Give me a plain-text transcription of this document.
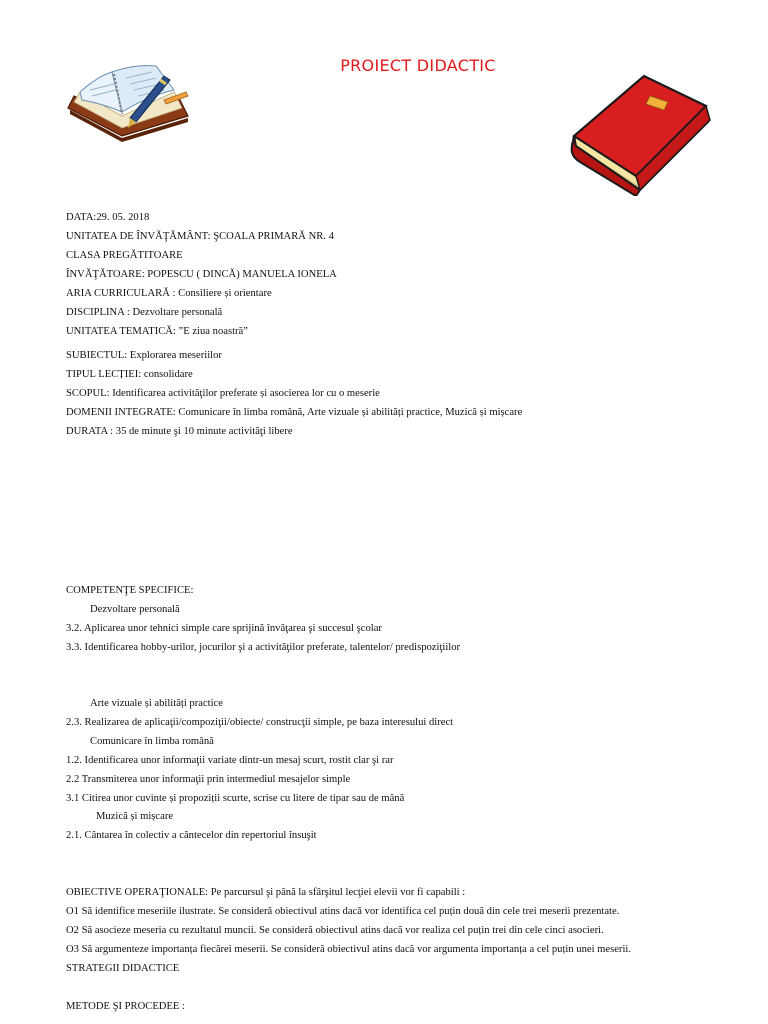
PROIECT DIDACTIC
DATA:29. 05. 2018
UNITATEA DE ÎNVĂŢĂMÂNT: ŞCOALA PRIMARĂ NR. 4
CLASA PREGĂTITOARE
ÎNVĂŢĂTOARE: POPESCU ( DINCĂ) MANUELA IONELA
ARIA CURRICULARĂ : Consiliere și orientare
DISCIPLINA : Dezvoltare personală
UNITATEA TEMATICĂ: ”E ziua noastră”
SUBIECTUL: Explorarea meseriilor
TIPUL LECȚIEI: consolidare
SCOPUL: Identificarea activităţilor preferate și asocierea lor cu o meserie
DOMENII INTEGRATE: Comunicare în limba română, Arte vizuale și abilități practice, Muzică și mișcare
DURATA : 35 de minute şi 10 minute activităţi libere
COMPETENŢE SPECIFICE:
Dezvoltare personală
3.2. Aplicarea unor tehnici simple care sprijină învăţarea şi succesul şcolar
3.3. Identificarea hobby-urilor, jocurilor şi a activităţilor preferate, talentelor/ predispoziţiilor
Arte vizuale și abilități practice
2.3. Realizarea de aplicaţii/compoziţii/obiecte/ construcţii simple, pe baza interesului direct
Comunicare în limba română
1.2. Identificarea unor informaţii variate dintr-un mesaj scurt, rostit clar şi rar
2.2 Transmiterea unor informaţii prin intermediul mesajelor simple
3.1 Citirea unor cuvinte și propoziții scurte, scrise cu litere de tipar sau de mână
Muzică și mișcare
2.1. Cântarea în colectiv a cântecelor din repertoriul însuşit
OBIECTIVE OPERAŢIONALE: Pe parcursul şi până la sfârşitul lecţiei elevii vor fi capabili :
O1 Să identifice meseriile ilustrate. Se consideră obiectivul atins dacă vor identifica cel puțin două din cele trei meserii prezentate.
O2 Să asocieze meseria cu rezultatul muncii. Se consideră obiectivul atins dacă vor realiza cel puțin trei din cele cinci asocieri.
O3 Să argumenteze importanța fiecărei meserii. Se consideră obiectivul atins dacă vor argumenta importanța a cel puțin unei meserii.
STRATEGII DIDACTICE
METODE ŞI PROCEDEE :
